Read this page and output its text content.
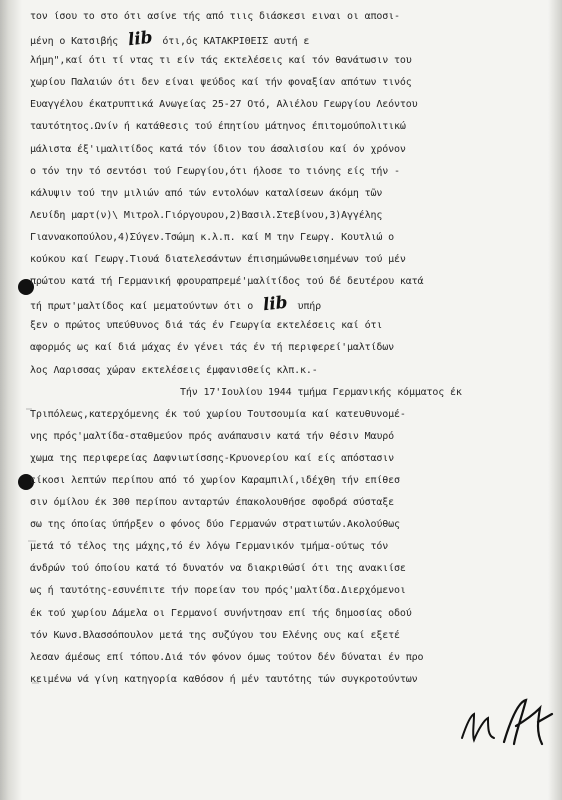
τον ίσου το στο ότι ασίνε τής από τιις διάσκεσι ειναι οι αποσι-
μένη ο Κατσιβής lib ότι,ός ΚΑΤΑΚΡΙΘΕΙΣ αυτή ε
λήμη",καί ότι τί ντας τι είν τάς εκτελέσεις καί τόν θανάτωσιν του
χωρίου Παλαιών ότι δεν είναι ψεύδος καί τήν φοναξίαν απότων τινός
Ευαγγέλου έκατρυπτικά Ανωγείας 25-27 Οτό, Αλιέλου Γεωργίου Λεόντου
ταυτότητος.Ωνίν ή κατάθεσις τού έπητίου μάτηνος έπιτομούπολιτικώ
μάλιστα έξ'ιμαλιτίδος κατά τόν ίδιον του άσαλισίου καί όν χρόνον
ο τόν την τό σεντόσι τού Γεωργίου,ότι ήλοσε το τιόνης είς τήν -
κάλυψιν τού την μιλιών από τών εντολόων καταλίσεων άκόμη τῶν
Λευίδη μαρτ(ν)\ Μιτρολ.Γιόργουρου,2)Βασιλ.Στεβίνου,3)Αγγέλης
Γιαννακοπούλου,4)Σύγεν.Τσώμη κ.λ.π. καί Μ την Γεωργ. Κουτλιώ ο
κούκου καί Γεωργ.Τιουά διατελεσάντων έπισημώνωθεισημένων τού μέν
πρώτου κατά τή Γερμανική φρουραπρεμέ'μαλίτίδος τού δέ δευτέρου κατά
τή πρωτ'μαλτίδος καί μεματούντων ότι ο lib υπήρ
ξεν ο πρώτος υπεύθυνος διά τάς έν Γεωργία εκτελέσεις καί ότι
αφορμός ως καί διά μάχας έν γένει τάς έν τή περιφερεί'μαλτίδων
λος Λαρισσας χώραν εκτελέσεις έμφανισθείς κλπ.κ.-
Τήν 17'Ιουλίου 1944 τμήμα Γερμανικής κόμματος έκ
Τριπόλεως,κατερχόμενης έκ τού χωρίου Τουτσουμία καί κατευθυνομέ-
νης πρός'μαλτίδα-σταθμεύον πρός ανάπαυσιν κατά τήν θέσιν Μαυρό
χωμα της περιφερείας Δαφνιωτίσσης-Κρυονερίου καί είς απόστασιν
είκοσι λεπτών περίπου από τό χωρίον Καραμπιλί,ιδέχθη τήν επίθεσ
σιν όμίλου έκ 300 περίπου ανταρτών έπακολουθήσε σφοδρά σύσταξε
σω της όποίας ύπήρξεν ο φόνος δύο Γερμανών στρατιωτών.Ακολούθως
μετά τό τέλος της μάχης,τό έν λόγω Γερμανικόν τμήμα-ούτως τόν
άνδρών τού όποίου κατά τό δυνατόν να διακριθώσί ότι της ανακιίσε
ως ή ταυτότης-εσυνέπιτε τήν πορείαν του πρός'μαλτίδα.Διερχόμενοι
έκ τού χωρίου Δάμελα οι Γερμανοί συνήντησαν επί τής δημοσίας οδού
τόν Κωνσ.Βλασσόπουλον μετά της συζύγου του Ελένης ους καί εξετέ
λεσαν άμέσως επί τόπου.Διά τόν φόνον όμως τούτον δέν δύναται έν προ
κειμένω νά γίνη κατηγορία καθόσον ή μέν ταυτότης τών συγκροτούντων
